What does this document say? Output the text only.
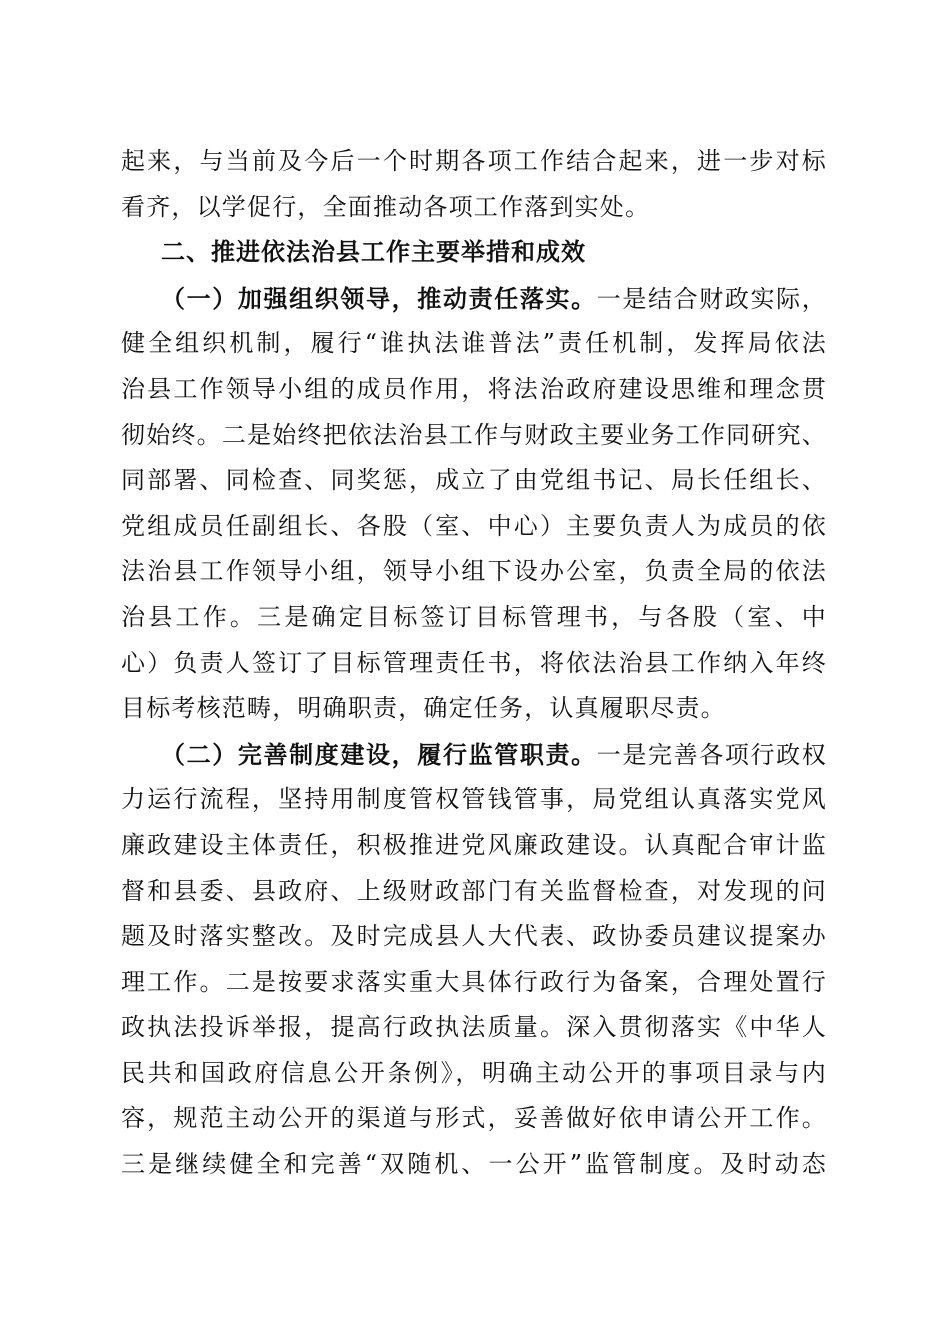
起来，与当前及今后一个时期各项工作结合起来，进一步对标
看齐，以学促行，全面推动各项工作落到实处。
二、推进依法治县工作主要举措和成效
（一）加强组织领导，推动责任落实。一是结合财政实际，
健全组织机制，履行“谁执法谁普法”责任机制，发挥局依法
治县工作领导小组的成员作用，将法治政府建设思维和理念贯
彻始终。二是始终把依法治县工作与财政主要业务工作同研究、
同部署、同检查、同奖惩，成立了由党组书记、局长任组长、
党组成员任副组长、各股（室、中心）主要负责人为成员的依
法治县工作领导小组，领导小组下设办公室，负责全局的依法
治县工作。三是确定目标签订目标管理书，与各股（室、中
心）负责人签订了目标管理责任书，将依法治县工作纳入年终
目标考核范畴，明确职责，确定任务，认真履职尽责。
（二）完善制度建设，履行监管职责。一是完善各项行政权
力运行流程，坚持用制度管权管钱管事，局党组认真落实党风
廉政建设主体责任，积极推进党风廉政建设。认真配合审计监
督和县委、县政府、上级财政部门有关监督检查，对发现的问
题及时落实整改。及时完成县人大代表、政协委员建议提案办
理工作。二是按要求落实重大具体行政行为备案，合理处置行
政执法投诉举报，提高行政执法质量。深入贯彻落实《中华人
民共和国政府信息公开条例》，明确主动公开的事项目录与内
容，规范主动公开的渠道与形式，妥善做好依申请公开工作。
三是继续健全和完善“双随机、一公开”监管制度。及时动态
